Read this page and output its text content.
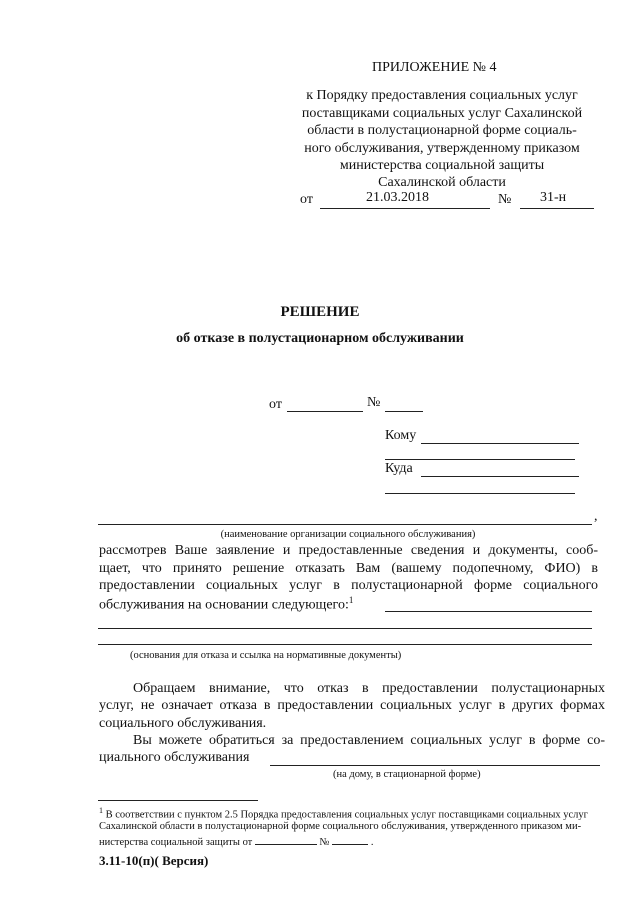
ПРИЛОЖЕНИЕ № 4
к Порядку предоставления социальных услуг
поставщиками социальных услуг Сахалинской
области в полустационарной форме социаль-
ного обслуживания, утвержденному приказом
министерства социальной защиты
Сахалинской области
от	21.03.2018	№ 31-н
РЕШЕНИЕ
об отказе в полустационарном обслуживании
от	№
Кому
Куда
,
(наименование организации социального обслуживания)
рассмотрев Ваше заявление и предоставленные сведения и документы, сооб-
щает, что принято решение отказать Вам (вашему подопечному, ФИО) в
предоставлении социальных услуг в полустационарной форме социального
обслуживания на основании следующего:$^1$
(основания для отказа и ссылка на нормативные документы)
Обращаем внимание, что отказ в предоставлении полустационарных
услуг, не означает отказа в предоставлении социальных услуг в других формах
социального обслуживания.
Вы можете обратиться за предоставлением социальных услуг в форме со-
циального обслуживания
(на дому, в стационарной форме)
$^1$ В соответствии с пунктом 2.5 Порядка предоставления социальных услуг поставщиками социальных услуг
Сахалинской области в полустационарной форме социального обслуживания, утвержденного приказом ми-
нистерства социальной защиты от	№	.
3.11-10(п)( Версия)
